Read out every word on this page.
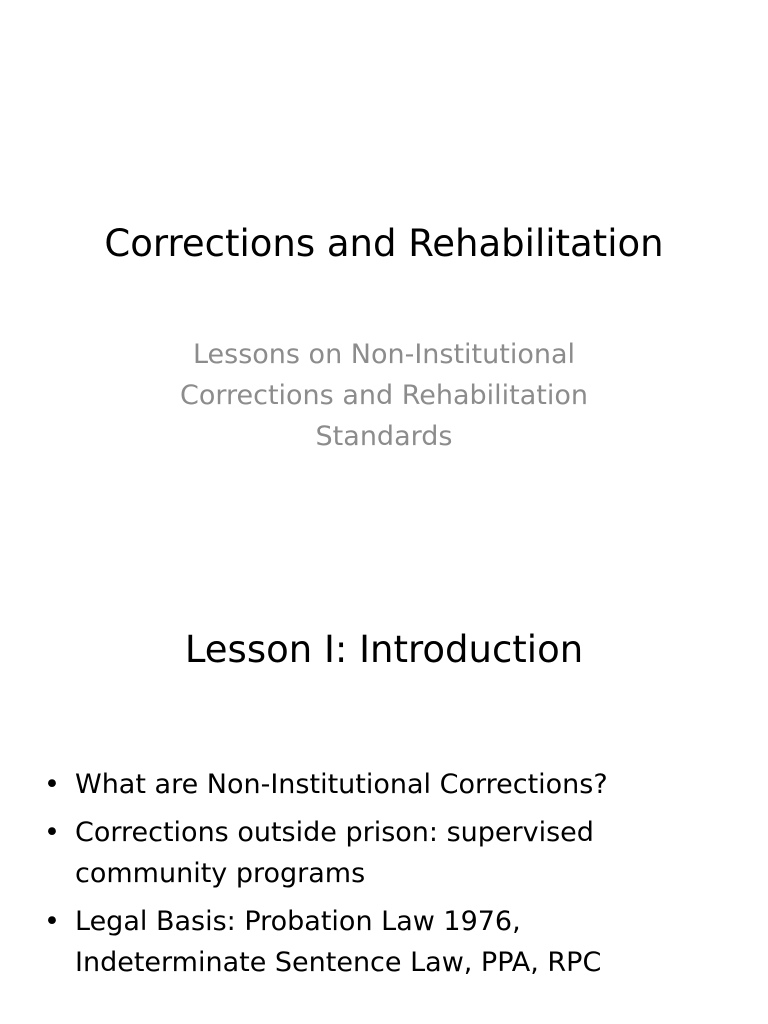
Corrections and Rehabilitation
Lessons on Non-Institutional
Corrections and Rehabilitation
Standards
Lesson I: Introduction
• What are Non-Institutional Corrections?
• Corrections outside prison: supervised
community programs
• Legal Basis: Probation Law 1976,
Indeterminate Sentence Law, PPA, RPC
